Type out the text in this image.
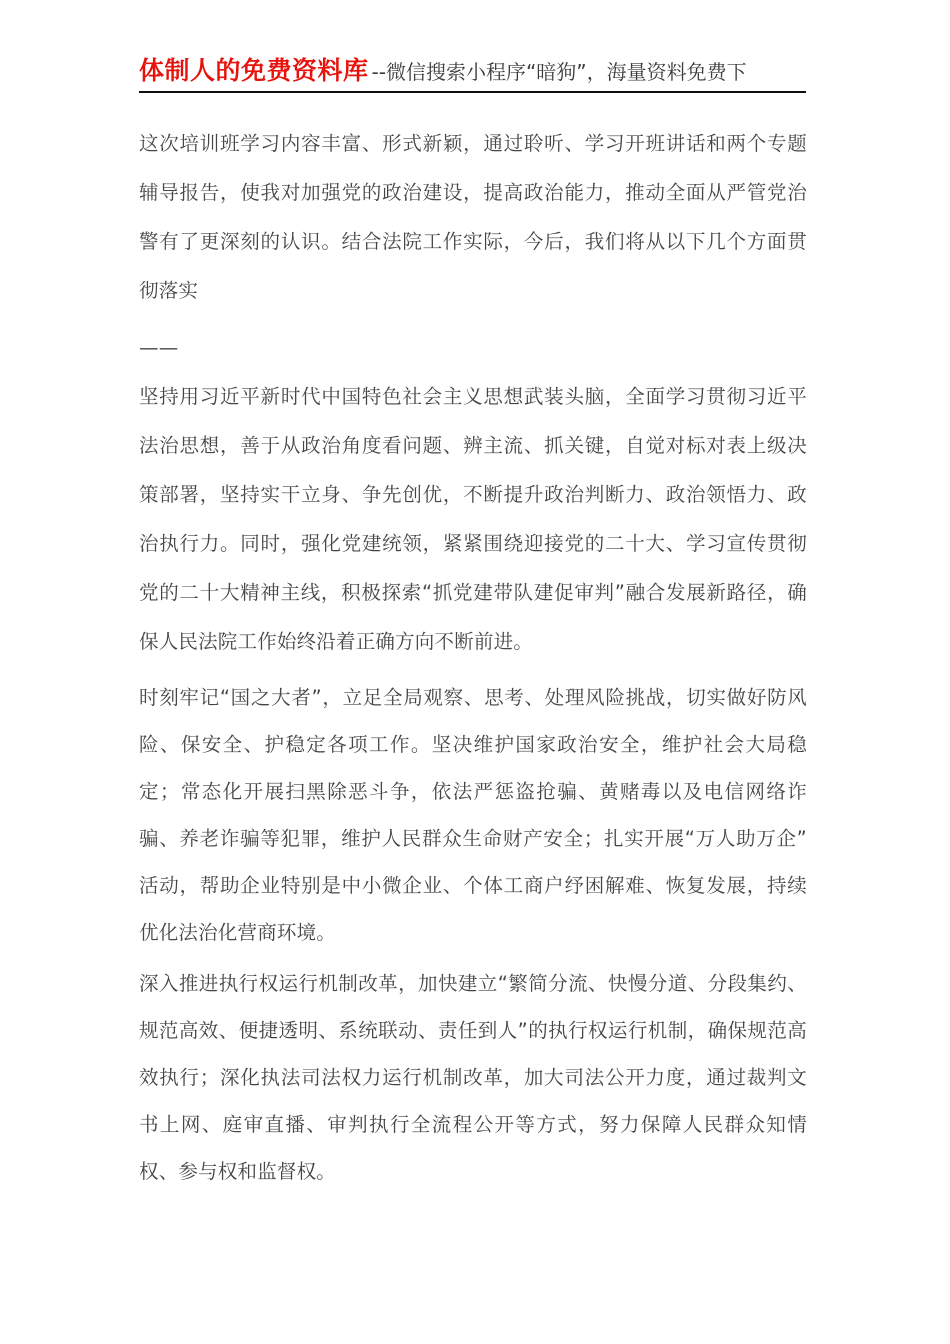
体制人的免费资料库 --微信搜索小程序“暗狗”，海量资料免费下

这次培训班学习内容丰富、形式新颖，通过聆听、学习开班讲话和两个专题辅导报告，使我对加强党的政治建设，提高政治能力，推动全面从严管党治警有了更深刻的认识。结合法院工作实际，今后，我们将从以下几个方面贯彻落实

——

坚持用习近平新时代中国特色社会主义思想武装头脑，全面学习贯彻习近平法治思想，善于从政治角度看问题、辨主流、抓关键，自觉对标对表上级决策部署，坚持实干立身、争先创优，不断提升政治判断力、政治领悟力、政治执行力。同时，强化党建统领，紧紧围绕迎接党的二十大、学习宣传贯彻党的二十大精神主线，积极探索“抓党建带队建促审判”融合发展新路径，确保人民法院工作始终沿着正确方向不断前进。

时刻牢记“国之大者”，立足全局观察、思考、处理风险挑战，切实做好防风险、保安全、护稳定各项工作。坚决维护国家政治安全，维护社会大局稳定；常态化开展扫黑除恶斗争，依法严惩盗抢骗、黄赌毒以及电信网络诈骗、养老诈骗等犯罪，维护人民群众生命财产安全；扎实开展“万人助万企”活动，帮助企业特别是中小微企业、个体工商户纾困解难、恢复发展，持续优化法治化营商环境。

深入推进执行权运行机制改革，加快建立“繁简分流、快慢分道、分段集约、规范高效、便捷透明、系统联动、责任到人”的执行权运行机制，确保规范高效执行；深化执法司法权力运行机制改革，加大司法公开力度，通过裁判文书上网、庭审直播、审判执行全流程公开等方式，努力保障人民群众知情权、参与权和监督权。
